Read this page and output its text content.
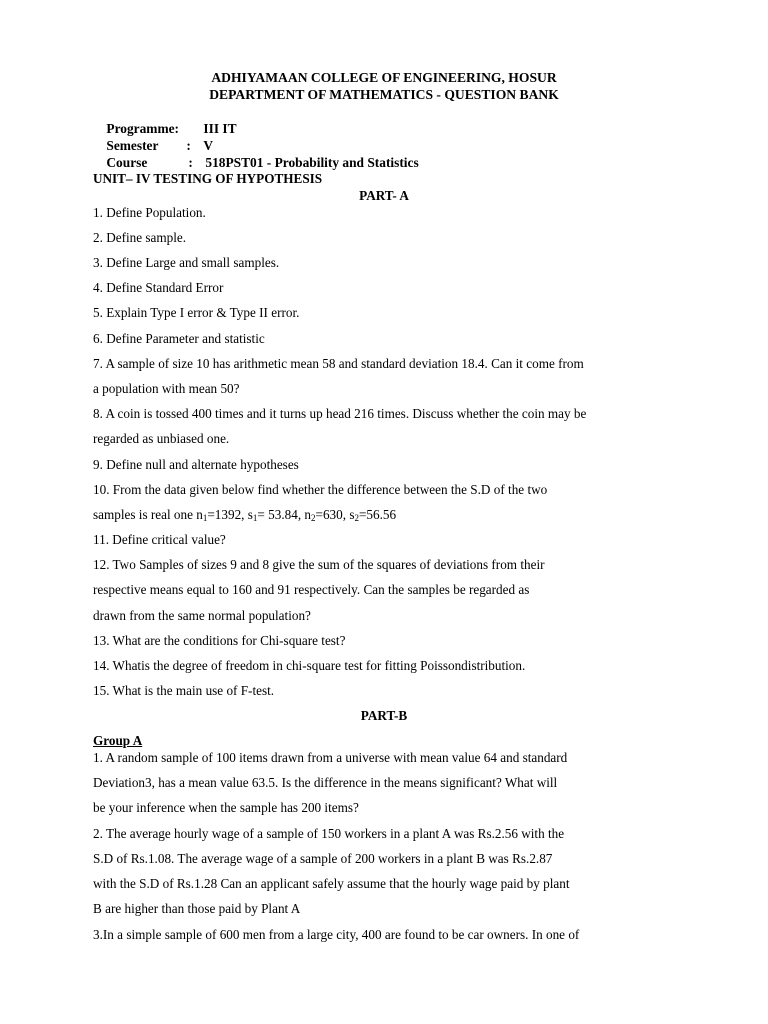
ADHIYAMAAN COLLEGE OF ENGINEERING, HOSUR
DEPARTMENT OF MATHEMATICS - QUESTION BANK

Programme: III IT

Semester : V

Course	: 518PST01 - Probability and Statistics

UNIT– IV TESTING OF HYPOTHESIS
PART- A
1. Define Population.
2. Define sample.
3. Define Large and small samples.
4. Define Standard Error
5. Explain Type I error & Type II error.
6. Define Parameter and statistic
7. A sample of size 10 has arithmetic mean 58 and standard deviation 18.4. Can it come from
a population with mean 50?
8. A coin is tossed 400 times and it turns up head 216 times. Discuss whether the coin may be
regarded as unbiased one.
9. Define null and alternate hypotheses
10. From the data given below find whether the difference between the S.D of the two
samples is real one $n_1=1392$, $s_1= 53.84$, $n_2=630$, $s_2=56.56$
11. Define critical value?
12. Two Samples of sizes 9 and 8 give the sum of the squares of deviations from their
respective means equal to 160 and 91 respectively. Can the samples be regarded as
drawn from the same normal population?
13. What are the conditions for Chi-square test?
14. Whatis the degree of freedom in chi-square test for fitting Poissondistribution.
15. What is the main use of F-test.
PART-B
Group A
1. A random sample of 100 items drawn from a universe with mean value 64 and standard
Deviation3, has a mean value 63.5. Is the difference in the means significant? What will
be your inference when the sample has 200 items?
2. The average hourly wage of a sample of 150 workers in a plant A was Rs.2.56 with the
S.D of Rs.1.08. The average wage of a sample of 200 workers in a plant B was Rs.2.87
with the S.D of Rs.1.28 Can an applicant safely assume that the hourly wage paid by plant
B are higher than those paid by Plant A
3.In a simple sample of 600 men from a large city, 400 are found to be car owners. In one of
